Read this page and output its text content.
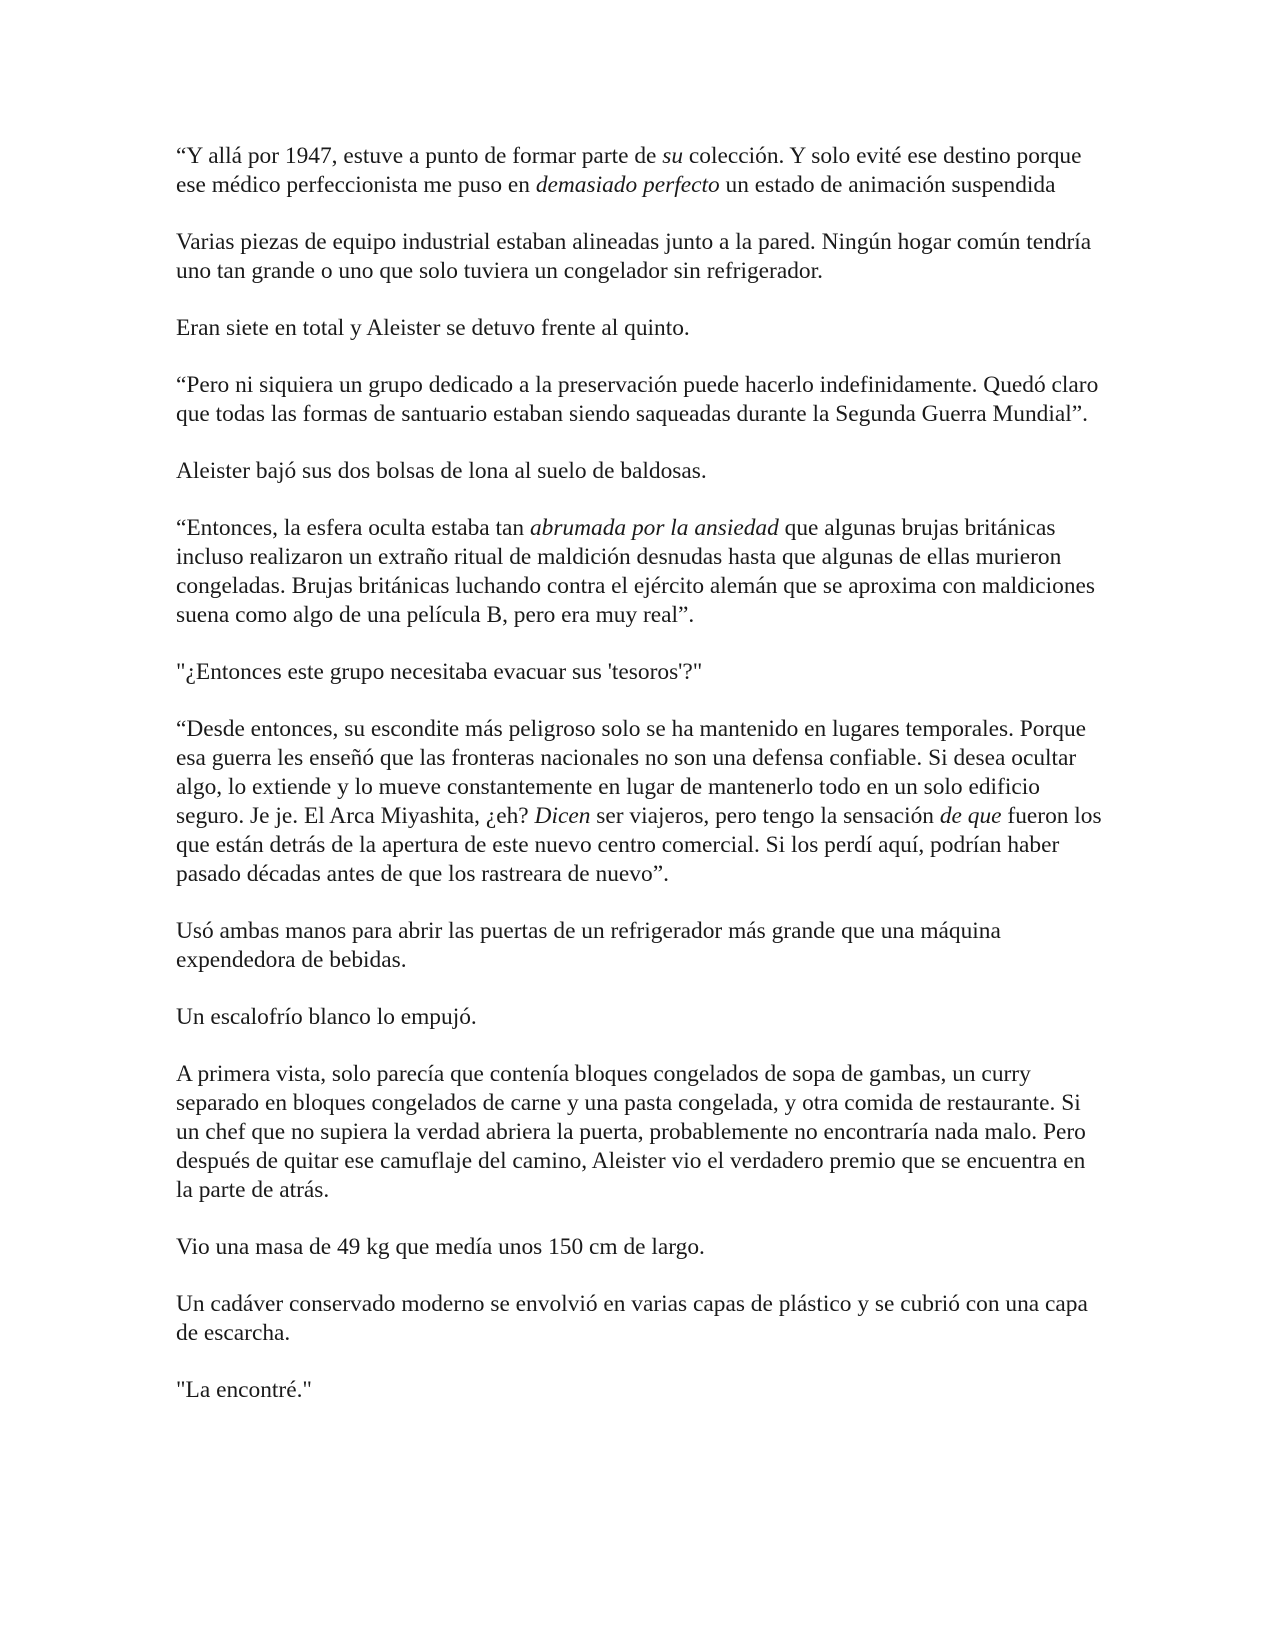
“Y allá por 1947, estuve a punto de formar parte de su colección. Y solo evité ese destino porque ese médico perfeccionista me puso en demasiado perfecto un estado de animación suspendida

Varias piezas de equipo industrial estaban alineadas junto a la pared. Ningún hogar común tendría uno tan grande o uno que solo tuviera un congelador sin refrigerador.

Eran siete en total y Aleister se detuvo frente al quinto.

“Pero ni siquiera un grupo dedicado a la preservación puede hacerlo indefinidamente. Quedó claro que todas las formas de santuario estaban siendo saqueadas durante la Segunda Guerra Mundial”.

Aleister bajó sus dos bolsas de lona al suelo de baldosas.

“Entonces, la esfera oculta estaba tan abrumada por la ansiedad que algunas brujas británicas incluso realizaron un extraño ritual de maldición desnudas hasta que algunas de ellas murieron congeladas. Brujas británicas luchando contra el ejército alemán que se aproxima con maldiciones suena como algo de una película B, pero era muy real”.

"¿Entonces este grupo necesitaba evacuar sus 'tesoros'?"

“Desde entonces, su escondite más peligroso solo se ha mantenido en lugares temporales. Porque esa guerra les enseñó que las fronteras nacionales no son una defensa confiable. Si desea ocultar algo, lo extiende y lo mueve constantemente en lugar de mantenerlo todo en un solo edificio seguro. Je je. El Arca Miyashita, ¿eh? Dicen ser viajeros, pero tengo la sensación de que fueron los que están detrás de la apertura de este nuevo centro comercial. Si los perdí aquí, podrían haber pasado décadas antes de que los rastreara de nuevo”.

Usó ambas manos para abrir las puertas de un refrigerador más grande que una máquina expendedora de bebidas.

Un escalofrío blanco lo empujó.

A primera vista, solo parecía que contenía bloques congelados de sopa de gambas, un curry separado en bloques congelados de carne y una pasta congelada, y otra comida de restaurante. Si un chef que no supiera la verdad abriera la puerta, probablemente no encontraría nada malo. Pero después de quitar ese camuflaje del camino, Aleister vio el verdadero premio que se encuentra en la parte de atrás.

Vio una masa de 49 kg que medía unos 150 cm de largo.

Un cadáver conservado moderno se envolvió en varias capas de plástico y se cubrió con una capa de escarcha.

"La encontré."
